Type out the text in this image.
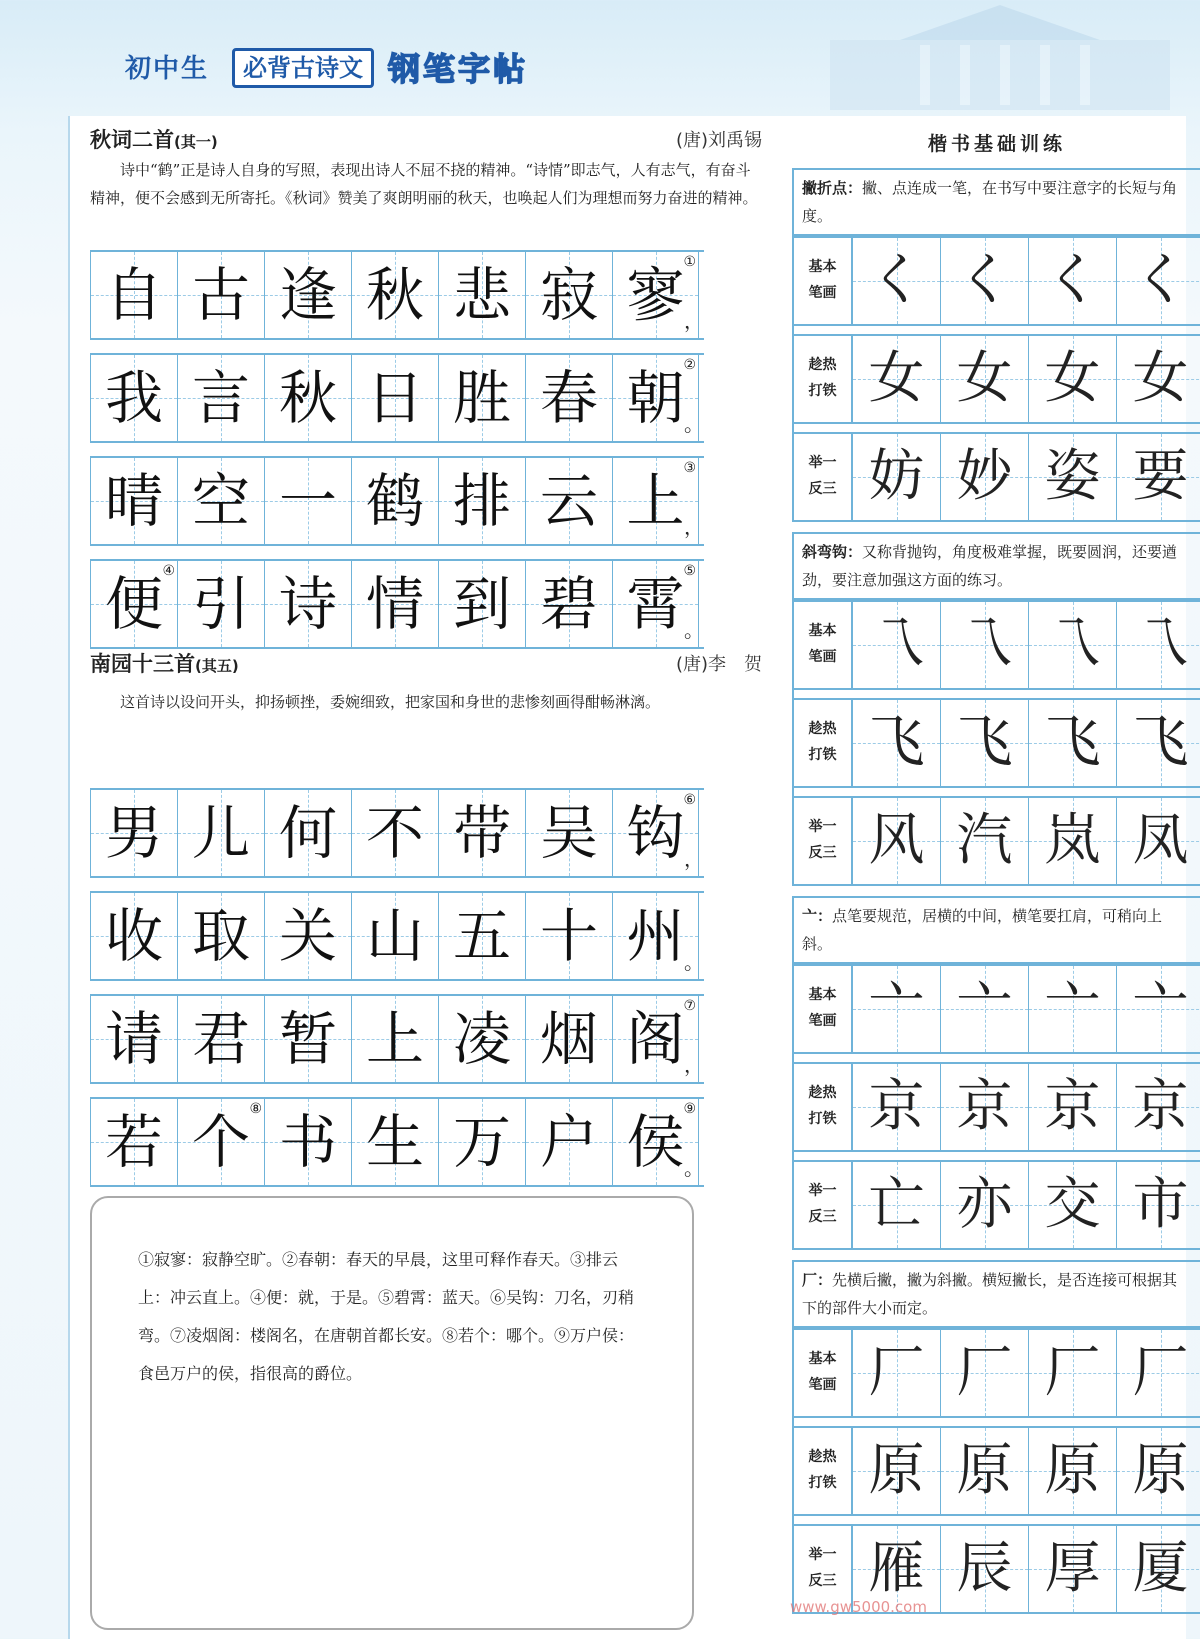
初中生	必背古诗文 钢笔字帖
秋词二首(其一)	(唐)刘禹锡

诗中“鹤”正是诗人自身的写照，表现出诗人不屈不挠的精神。“诗情”即志气，人有志气，有奋斗精神，便不会感到无所寄托。《秋词》赞美了爽朗明丽的秋天，也唤起人们为理想而努力奋进的精神。

自 古 逢 秋 悲 寂 寥 ，
①
我 言 秋 日 胜 春 朝 。
②
晴 空 一 鹤 排 云 上 ，
③
便 ④ 引 诗 情 到 碧 霄 。
⑤
南园十三首(其五)	(唐)李　贺

这首诗以设问开头，抑扬顿挫，委婉细致，把家国和身世的悲惨刻画得酣畅淋漓。

男 儿 何 不 带 吴 钩 ，
⑥
收 取 关 山 五 十 州 。
请 君 暂 上 凌 烟 阁 ，
⑦
若 个 ⑧ 书 生 万 户 侯 。
⑨
①寂寥：寂静空旷。②春朝：春天的早晨，这里可释作春天。③排云上：冲云直上。④便：就，于是。⑤碧霄：蓝天。⑥吴钩：刀名，刃稍弯。⑦凌烟阁：楼阁名，在唐朝首都长安。⑧若个：哪个。⑨万户侯：食邑万户的侯，指很高的爵位。
楷书基础训练
撇折点：撇、点连成一笔，在书写中要注意字的长短与角度。
基本
笔画 く く く く
趁热
打铁 女 女 女 女
举一
反三 妨 妙 姿 要
斜弯钩：又称背抛钩，角度极难掌握，既要圆润，还要遒劲，要注意加强这方面的练习。
基本
笔画 乁 乁 乁 乁
趁热
打铁 飞 飞 飞 飞
举一
反三 风 汽 岚 凤
亠：点笔要规范，居横的中间，横笔要扛肩，可稍向上斜。
基本
笔画 亠 亠 亠 亠
趁热
打铁 京 京 京 京
举一
反三 亡 亦 交 市
厂：先横后撇，撇为斜撇。横短撇长，是否连接可根据其下的部件大小而定。
基本
笔画 厂 厂 厂 厂
趁热
打铁 原 原 原 原
举一
反三 雁 辰 厚 厦
www.gw5000.com
